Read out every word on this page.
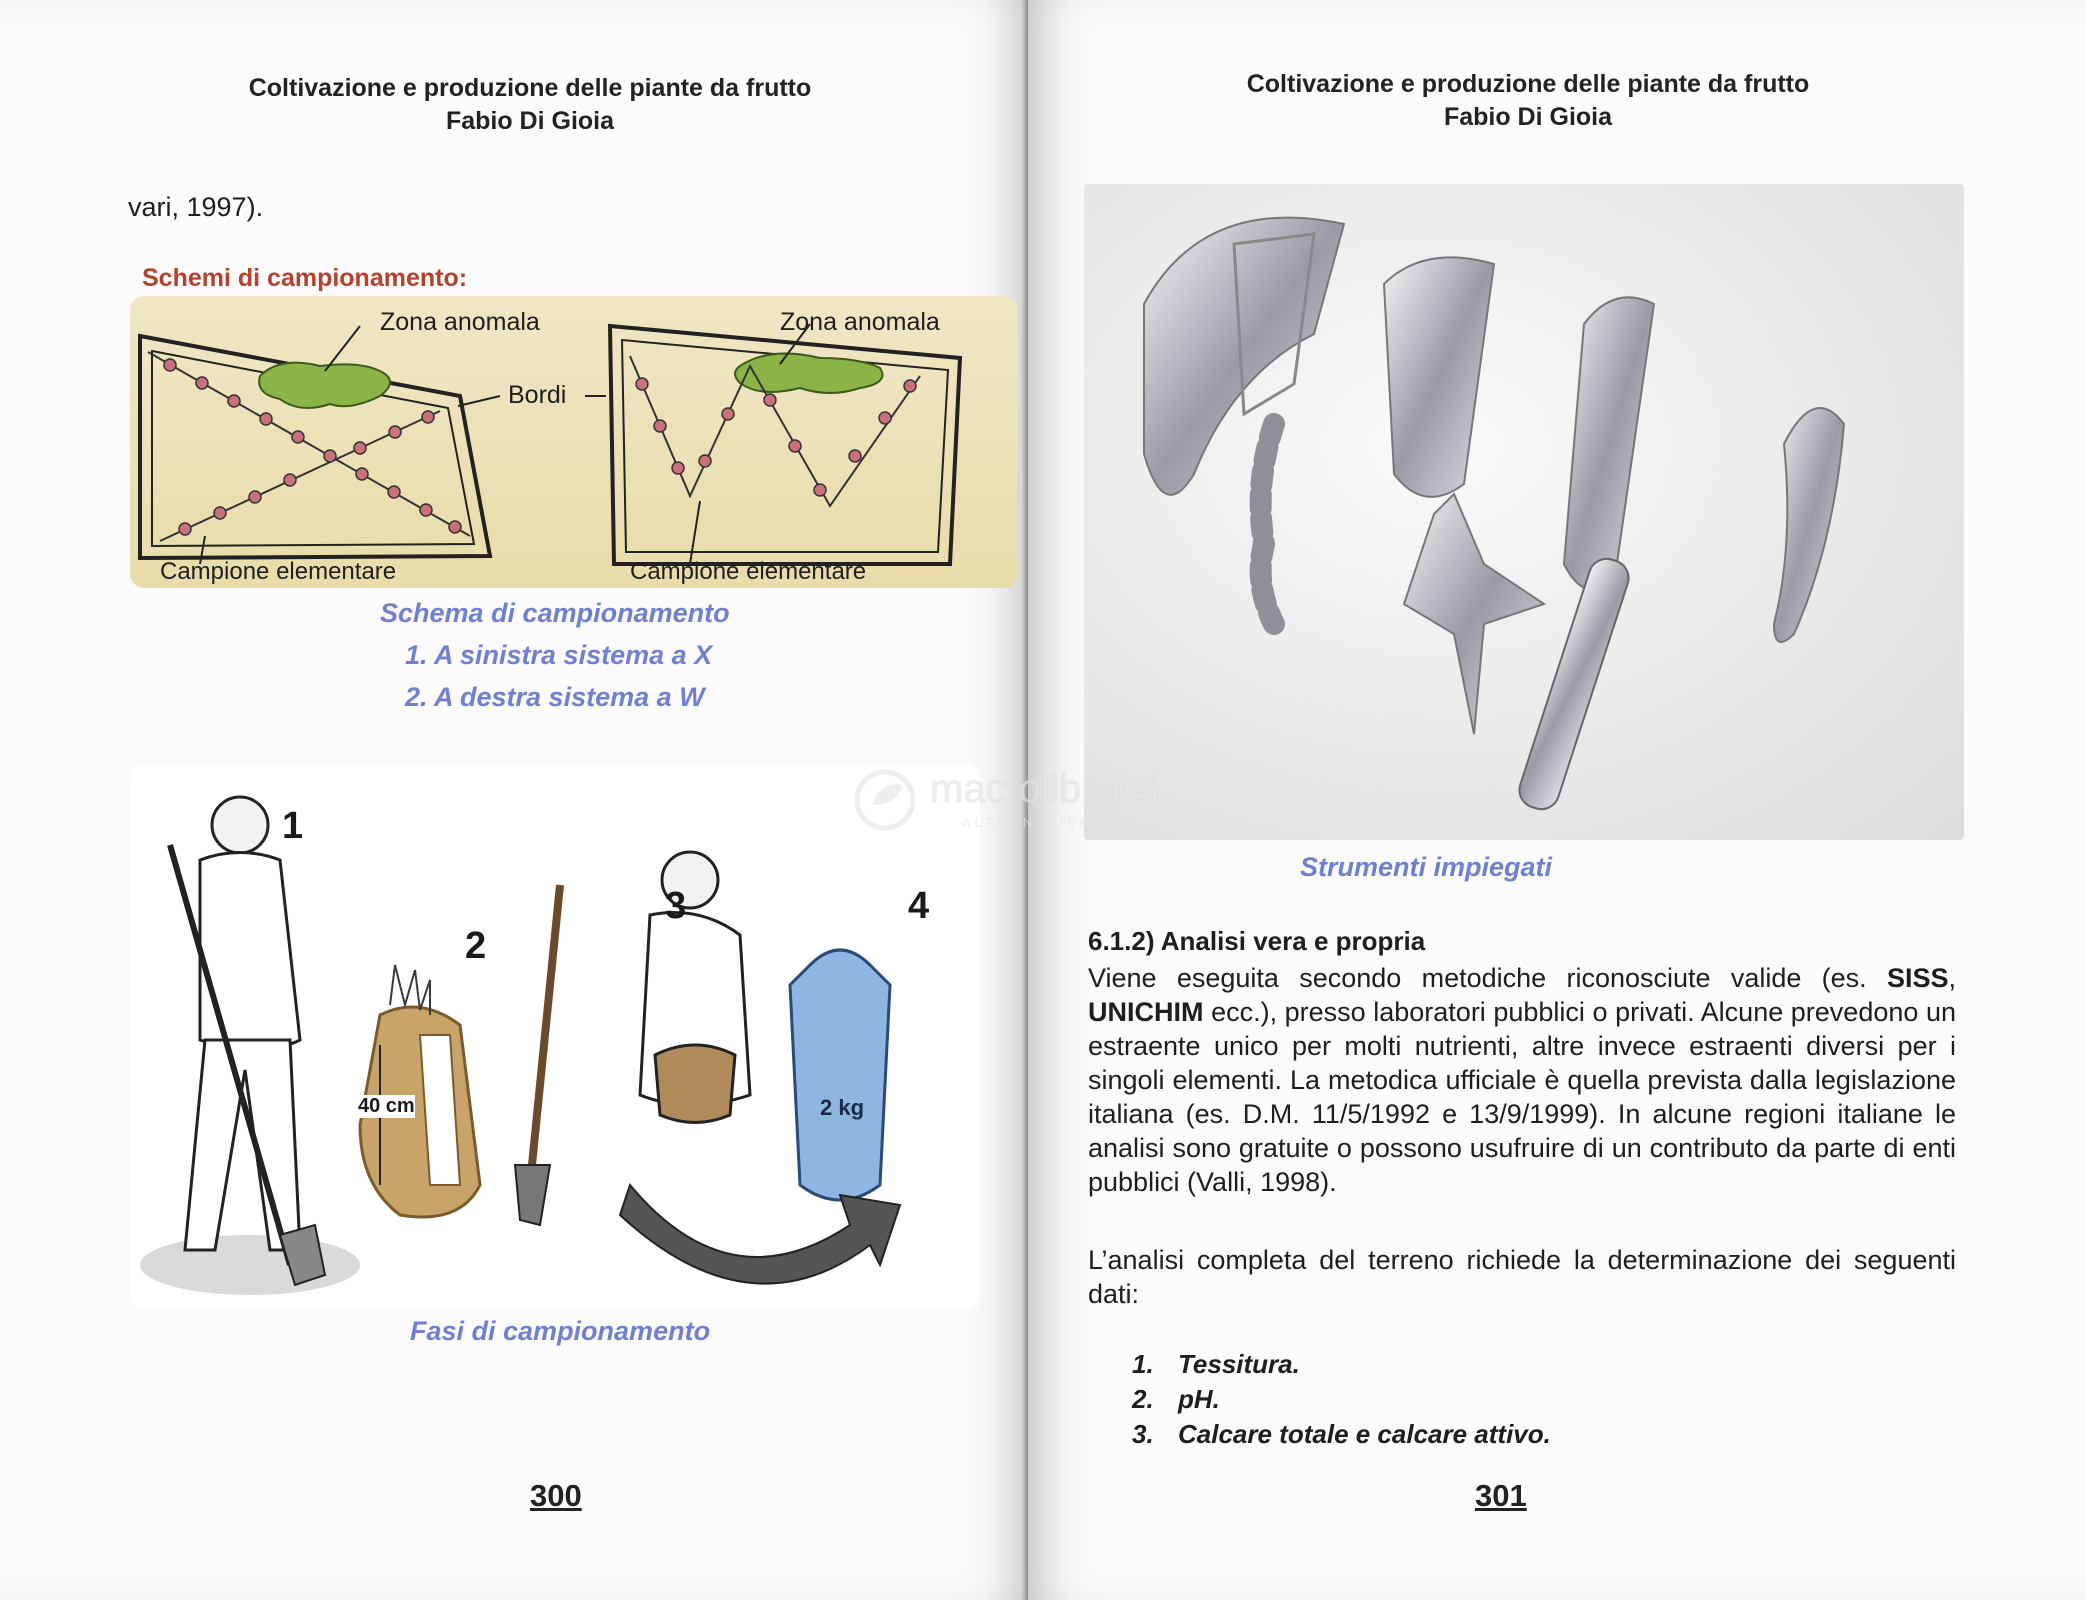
Coltivazione e produzione delle piante da frutto
Fabio Di Gioia
vari, 1997).
Schemi di campionamento:
Zona anomala	Zona anomala
Bordi
Campione elementare	Campione elementare
Schema di campionamento
1. A sinistra sistema a X
2. A destra sistema a W

1
2
3	4
40 cm	2 kg
Fasi di campionamento
300
Coltivazione e produzione delle piante da frutto
Fabio Di Gioia
Strumenti impiegati
6.1.2) Analisi vera e propria
Viene eseguita secondo metodiche riconosciute valide (es. SISS, UNICHIM ecc.), presso laboratori pubblici o privati. Alcune prevedono un estraente unico per molti nutrienti, altre invece estraenti diversi per i singoli elementi. La metodica ufficiale è quella prevista dalla legislazione italiana (es. D.M. 11/5/1992 e 13/9/1999). In alcune regioni italiane le analisi sono gratuite o possono usufruire di un contributo da parte di enti pubblici (Valli, 1998).
L’analisi completa del terreno richiede la determinazione dei seguenti dati:
1. Tessitura.
2. pH.
3. Calcare totale e calcare attivo.
301
macrolibrarsi
ALTERNATIVA NATURALE
